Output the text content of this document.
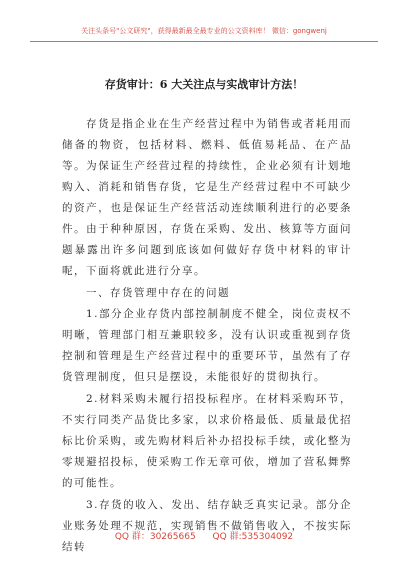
关注头条号"公文研究"，获得最新最全最专业的公文资料库！ 微信：gongwenj
存货审计：6 大关注点与实战审计方法！

存货是指企业在生产经营过程中为销售或者耗用而储备的物资，包括材料、燃料、低值易耗品、在产品等。为保证生产经营过程的持续性，企业必须有计划地购入、消耗和销售存货，它是生产经营过程中不可缺少的资产，也是保证生产经营活动连续顺利进行的必要条件。由于种种原因，存货在采购、发出、核算等方面问题暴露出许多问题到底该如何做好存货中材料的审计呢，下面将就此进行分享。

一、存货管理中存在的问题

1.部分企业存货内部控制制度不健全，岗位责权不明晰，管理部门相互兼职较多，没有认识或重视到存货控制和管理是生产经营过程中的重要环节，虽然有了存货管理制度，但只是摆设，未能很好的贯彻执行。

2.材料采购未履行招投标程序。在材料采购环节，不实行同类产品货比多家，以求价格最低、质量最优招标比价采购，或先购材料后补办招投标手续，或化整为零规避招投标，使采购工作无章可依，增加了营私舞弊的可能性。

3.存货的收入、发出、结存缺乏真实记录。部分企业账务处理不规范，实现销售不做销售收入，不按实际结转

QQ 群：30265665 QQ 群:535304092
